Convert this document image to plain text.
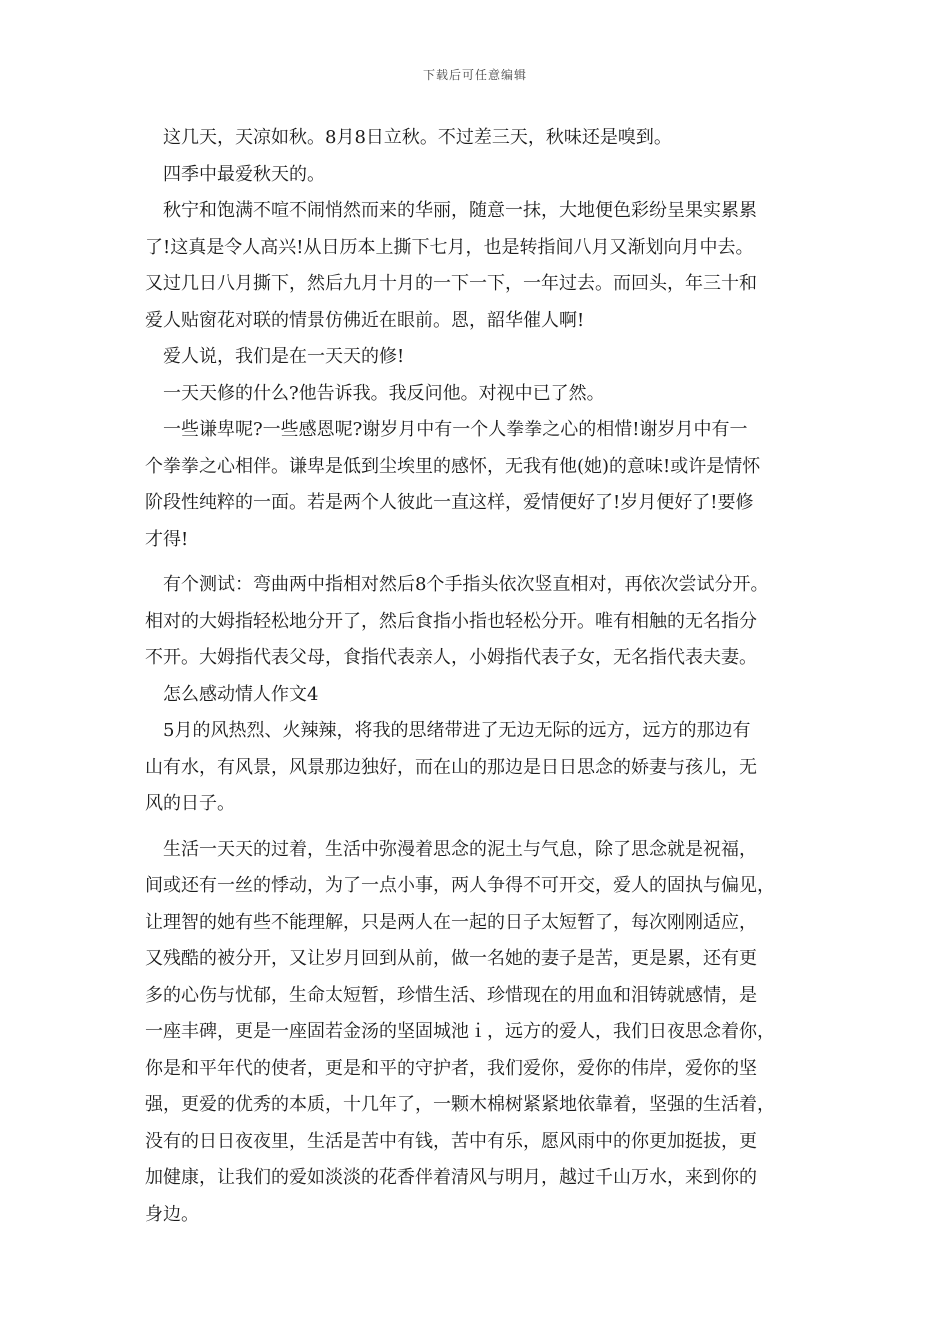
下载后可任意编辑
　这几天，天凉如秋。8月8日立秋。不过差三天，秋味还是嗅到。
　四季中最爱秋天的。
　秋宁和饱满不喧不闹悄然而来的华丽，随意一抹，大地便色彩纷呈果实累累
了!这真是令人高兴!从日历本上撕下七月，也是转指间八月又渐划向月中去。
又过几日八月撕下，然后九月十月的一下一下，一年过去。而回头，年三十和
爱人贴窗花对联的情景仿佛近在眼前。恩，韶华催人啊!
　爱人说，我们是在一天天的修!
　一天天修的什么?他告诉我。我反问他。对视中已了然。
　一些谦卑呢?一些感恩呢?谢岁月中有一个人拳拳之心的相惜!谢岁月中有一
个拳拳之心相伴。谦卑是低到尘埃里的感怀，无我有他(她)的意味!或许是情怀
阶段性纯粹的一面。若是两个人彼此一直这样，爱情便好了!岁月便好了!要修
才得!
　有个测试：弯曲两中指相对然后8个手指头依次竖直相对，再依次尝试分开。
相对的大姆指轻松地分开了，然后食指小指也轻松分开。唯有相触的无名指分
不开。大姆指代表父母，食指代表亲人，小姆指代表子女，无名指代表夫妻。
　怎么感动情人作文4
　5月的风热烈、火辣辣，将我的思绪带进了无边无际的远方，远方的那边有
山有水，有风景，风景那边独好，而在山的那边是日日思念的娇妻与孩儿，无
风的日子。
　生活一天天的过着，生活中弥漫着思念的泥土与气息，除了思念就是祝福，
间或还有一丝的悸动，为了一点小事，两人争得不可开交，爱人的固执与偏见，
让理智的她有些不能理解，只是两人在一起的日子太短暂了，每次刚刚适应，
又残酷的被分开，又让岁月回到从前，做一名她的妻子是苦，更是累，还有更
多的心伤与忧郁，生命太短暂，珍惜生活、珍惜现在的用血和泪铸就感情，是
一座丰碑，更是一座固若金汤的坚固城池ｉ，远方的爱人，我们日夜思念着你，
你是和平年代的使者，更是和平的守护者，我们爱你，爱你的伟岸，爱你的坚
强，更爱的优秀的本质，十几年了，一颗木棉树紧紧地依靠着，坚强的生活着，
没有的日日夜夜里，生活是苦中有钱，苦中有乐，愿风雨中的你更加挺拔，更
加健康，让我们的爱如淡淡的花香伴着清风与明月，越过千山万水，来到你的
身边。
